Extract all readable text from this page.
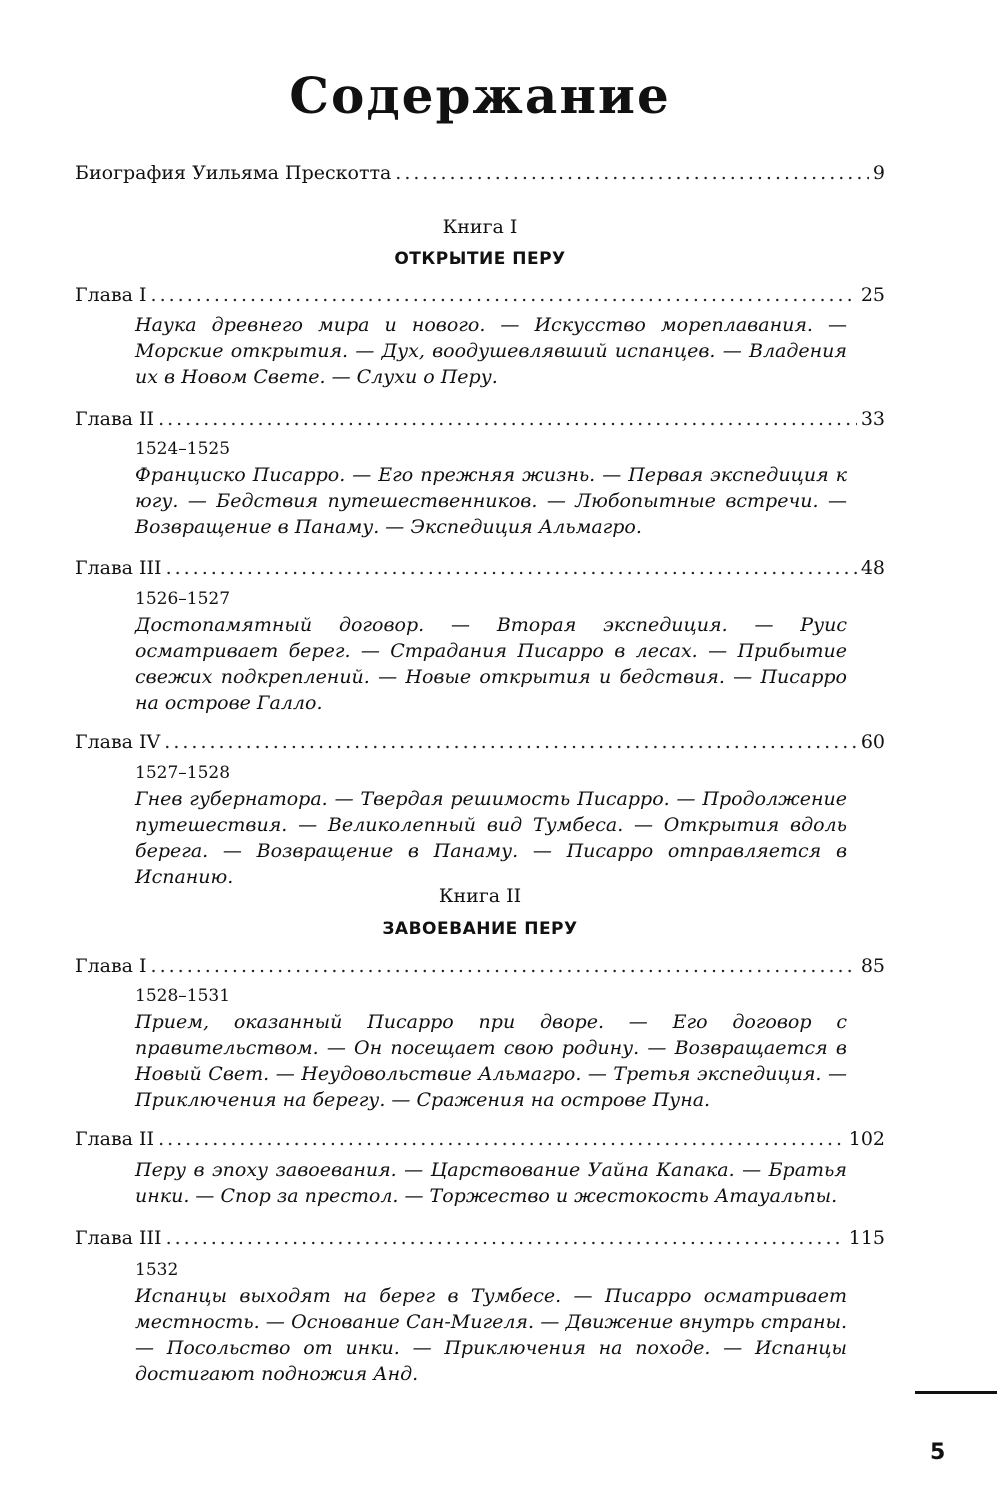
Содержание
Биография Уильяма Прескотта .....	9
Книга I
ОТКРЫТИЕ ПЕРУ
Глава I .....	25
Наука древнего мира и нового. — Искусство мореплавания. — Морские открытия. — Дух, воодушевлявший испанцев. — Владения их в Новом Свете. — Слухи о Перу.
Глава II .....	33
1524–1525
Франциско Писарро. — Его прежняя жизнь. — Первая экспедиция к югу. — Бедствия путешественников. — Любопытные встречи. — Возвращение в Панаму. — Экспедиция Альмагро.
Глава III .....	48
1526–1527
Достопамятный договор. — Вторая экспедиция. — Руис осматривает берег. — Страдания Писарро в лесах. — Прибытие свежих подкреплений. — Новые открытия и бедствия. — Писарро на острове Галло.
Глава IV .....	60
1527–1528
Гнев губернатора. — Твердая решимость Писарро. — Продолжение путешествия. — Великолепный вид Тумбеса. — Открытия вдоль берега. — Возвращение в Панаму. — Писарро отправляется в Испанию.
Книга II
ЗАВОЕВАНИЕ ПЕРУ
Глава I .....	85
1528–1531
Прием, оказанный Писарро при дворе. — Его договор с правительством. — Он посещает свою родину. — Возвращается в Новый Свет. — Неудовольствие Альмагро. — Третья экспедиция. — Приключения на берегу. — Сражения на острове Пуна.
Глава II .....	102
Перу в эпоху завоевания. — Царствование Уайна Капака. — Братья инки. — Спор за престол. — Торжество и жестокость Атауальпы.
Глава III .....	115
1532
Испанцы выходят на берег в Тумбесе. — Писарро осматривает местность. — Основание Сан-Мигеля. — Движение внутрь страны. — Посольство от инки. — Приключения на походе. — Испанцы достигают подножия Анд.
5
